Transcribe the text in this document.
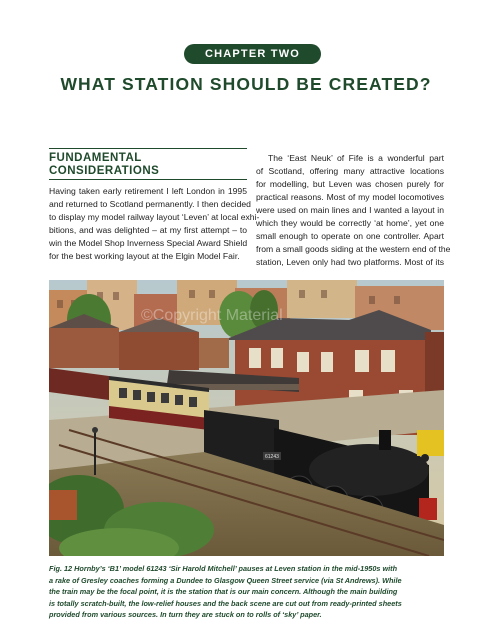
CHAPTER TWO
WHAT STATION SHOULD BE CREATED?
FUNDAMENTAL
CONSIDERATIONS
Having taken early retirement I left London in 1995
and returned to Scotland permanently. I then decided
to display my model railway layout ‘Leven’ at local exhi-
bitions, and was delighted – at my first attempt – to
win the Model Shop Inverness Special Award Shield
for the best working layout at the Elgin Model Fair.
The ‘East Neuk’ of Fife is a wonderful part
of Scotland, offering many attractive locations
for modelling, but Leven was chosen purely for
practical reasons. Most of my model locomotives
were used on main lines and I wanted a layout in
which they would be correctly ‘at home’, yet one
small enough to operate on one controller. Apart
from a small goods siding at the western end of the
station, Leven only had two platforms. Most of its
61243
©Copyright Material
Fig. 12 Hornby’s ‘B1’ model 61243 ‘Sir Harold Mitchell’ pauses at Leven station in the mid-1950s with
a rake of Gresley coaches forming a Dundee to Glasgow Queen Street service (via St Andrews). While
the train may be the focal point, it is the station that is our main concern. Although the main building
is totally scratch-built, the low-relief houses and the back scene are cut out from ready-printed sheets
provided from various sources. In turn they are stuck on to rolls of ‘sky’ paper.
